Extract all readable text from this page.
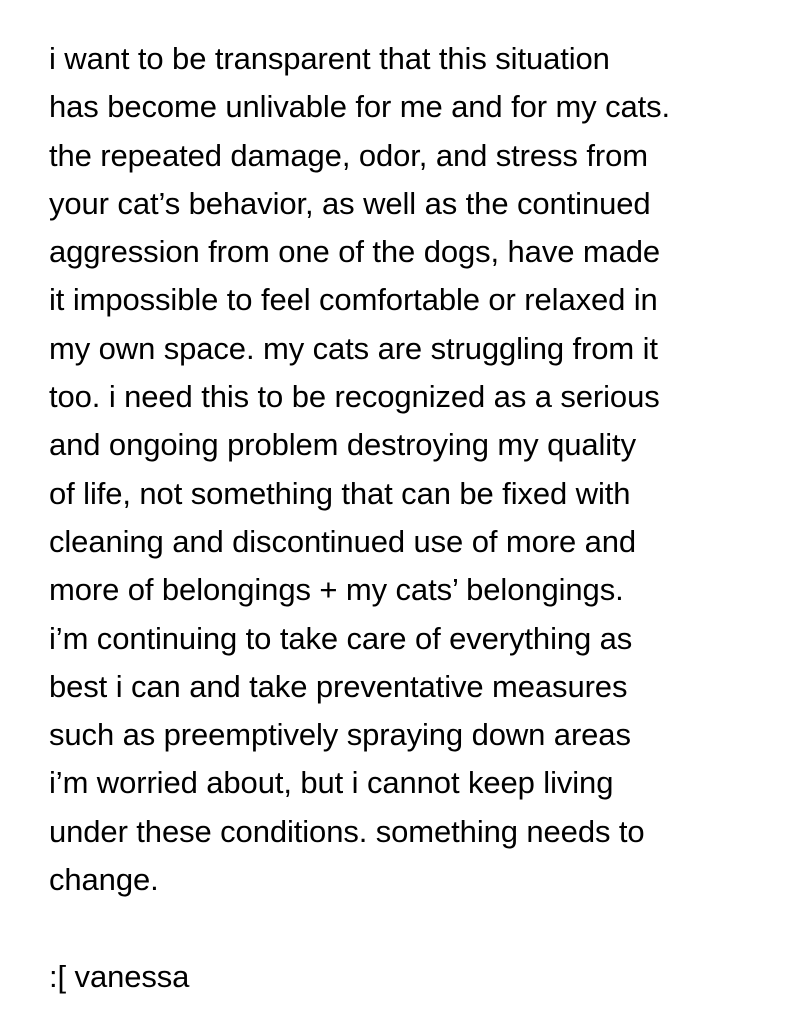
i want to be transparent that this situation
has become unlivable for me and for my cats.
the repeated damage, odor, and stress from
your cat’s behavior, as well as the continued
aggression from one of the dogs, have made
it impossible to feel comfortable or relaxed in
my own space. my cats are struggling from it
too. i need this to be recognized as a serious
and ongoing problem destroying my quality
of life, not something that can be fixed with
cleaning and discontinued use of more and
more of belongings + my cats’ belongings.
i’m continuing to take care of everything as
best i can and take preventative measures
such as preemptively spraying down areas
i’m worried about, but i cannot keep living
under these conditions. something needs to
change.
:[ vanessa
